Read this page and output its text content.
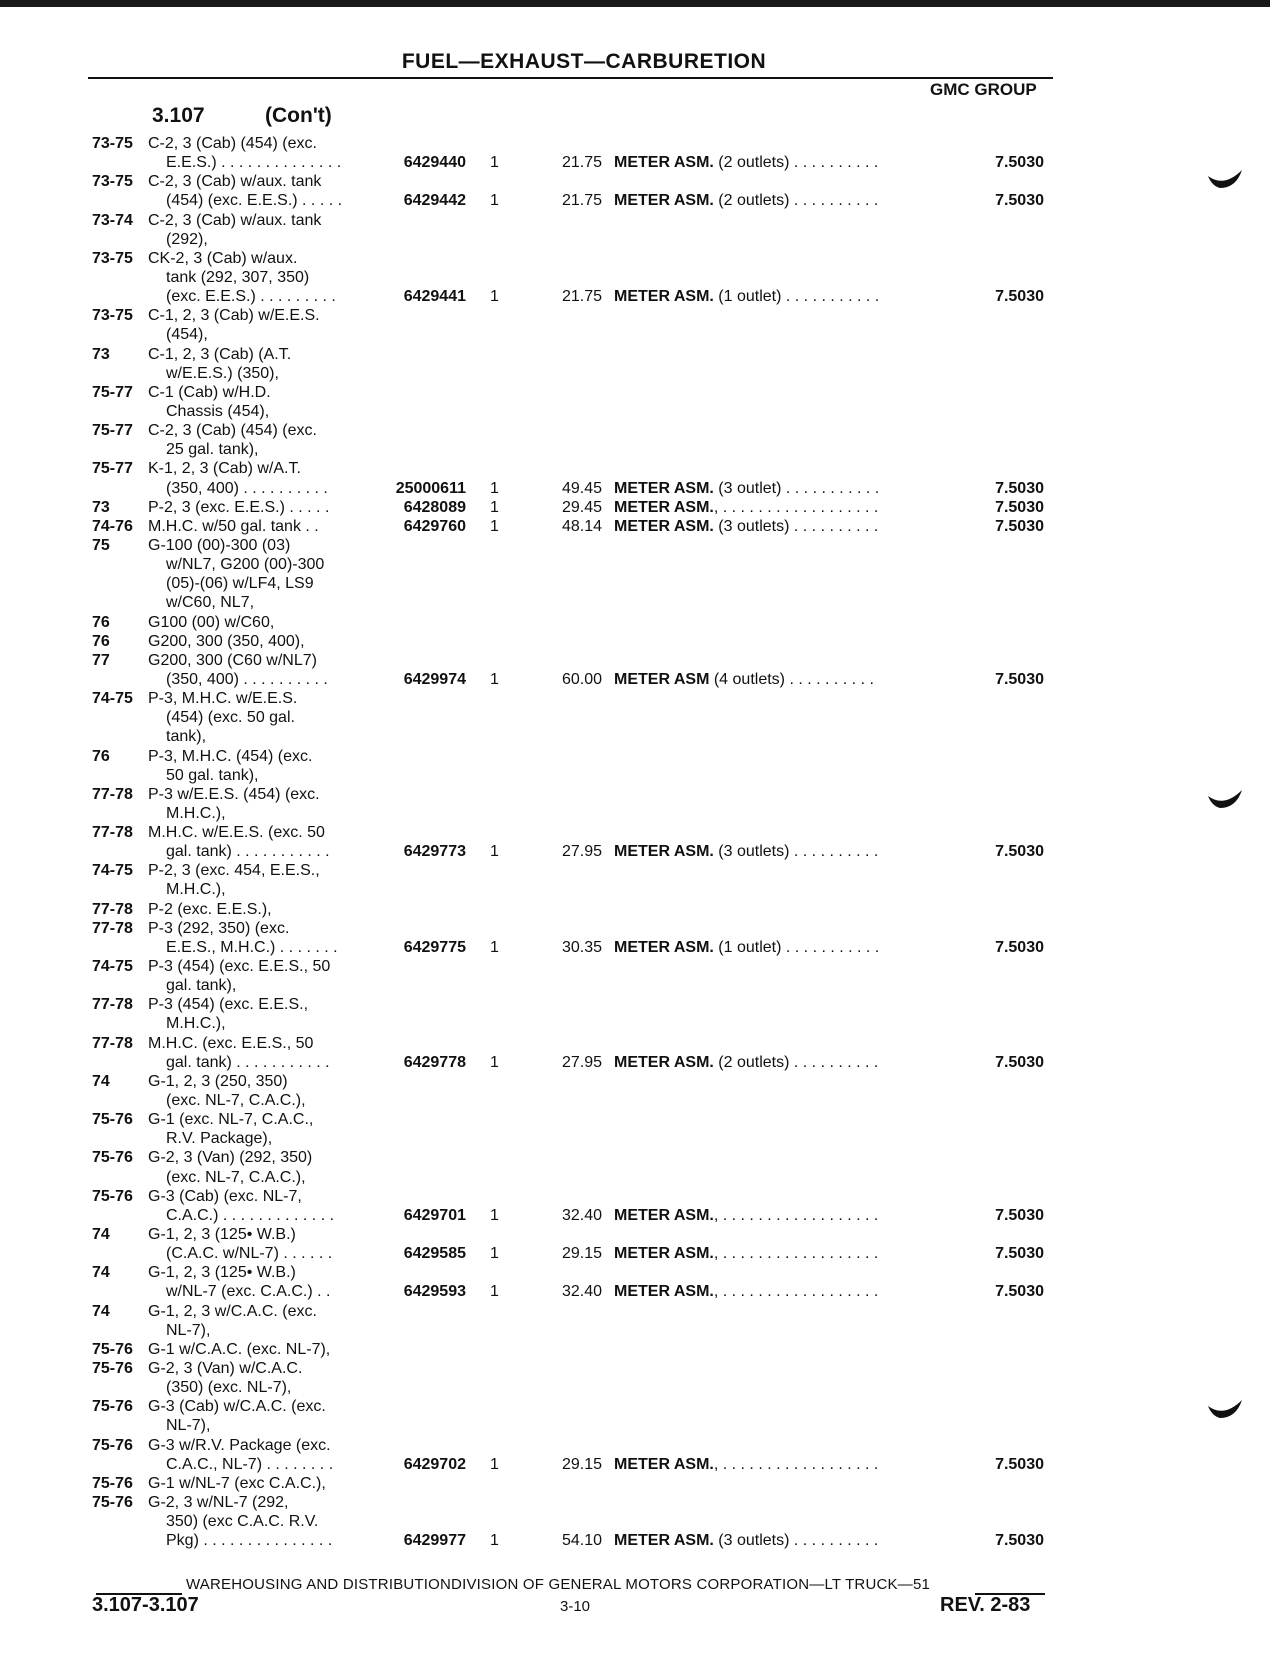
FUEL—EXHAUST—CARBURETION
GMC GROUP
3.107	(Con't)
73-75 C-2, 3 (Cab) (454) (exc.
E.E.S.) . . . . . . . . . . . . . .	6429440 1	21.75 METER ASM. (2 outlets) . . . . . . . . . .	7.5030
73-75 C-2, 3 (Cab) w/aux. tank
(454) (exc. E.E.S.) . . . . .	6429442 1	21.75 METER ASM. (2 outlets) . . . . . . . . . .	7.5030
73-74 C-2, 3 (Cab) w/aux. tank
(292),
73-75 CK-2, 3 (Cab) w/aux.
tank (292, 307, 350)
(exc. E.E.S.) . . . . . . . . .	6429441 1	21.75 METER ASM. (1 outlet) . . . . . . . . . . .	7.5030
73-75 C-1, 2, 3 (Cab) w/E.E.S.
(454),
73 C-1, 2, 3 (Cab) (A.T.
w/E.E.S.) (350),
75-77 C-1 (Cab) w/H.D.
Chassis (454),
75-77 C-2, 3 (Cab) (454) (exc.
25 gal. tank),
75-77 K-1, 2, 3 (Cab) w/A.T.
(350, 400) . . . . . . . . . .	25000611 1	49.45 METER ASM. (3 outlet) . . . . . . . . . . .	7.5030
73 P-2, 3 (exc. E.E.S.) . . . . .	6428089 1	29.45 METER ASM., . . . . . . . . . . . . . . . . . .	7.5030
74-76 M.H.C. w/50 gal. tank . .	6429760 1	48.14 METER ASM. (3 outlets) . . . . . . . . . .	7.5030
75 G-100 (00)-300 (03)
w/NL7, G200 (00)-300
(05)-(06) w/LF4, LS9
w/C60, NL7,
76 G100 (00) w/C60,
76 G200, 300 (350, 400),
77 G200, 300 (C60 w/NL7)
(350, 400) . . . . . . . . . .	6429974 1	60.00 METER ASM (4 outlets) . . . . . . . . . .	7.5030
74-75 P-3, M.H.C. w/E.E.S.
(454) (exc. 50 gal.
tank),
76 P-3, M.H.C. (454) (exc.
50 gal. tank),
77-78 P-3 w/E.E.S. (454) (exc.
M.H.C.),
77-78 M.H.C. w/E.E.S. (exc. 50
gal. tank) . . . . . . . . . . .	6429773 1	27.95 METER ASM. (3 outlets) . . . . . . . . . .	7.5030
74-75 P-2, 3 (exc. 454, E.E.S.,
M.H.C.),
77-78 P-2 (exc. E.E.S.),
77-78 P-3 (292, 350) (exc.
E.E.S., M.H.C.) . . . . . . .	6429775 1	30.35 METER ASM. (1 outlet) . . . . . . . . . . .	7.5030
74-75 P-3 (454) (exc. E.E.S., 50
gal. tank),
77-78 P-3 (454) (exc. E.E.S.,
M.H.C.),
77-78 M.H.C. (exc. E.E.S., 50
gal. tank) . . . . . . . . . . .	6429778 1	27.95 METER ASM. (2 outlets) . . . . . . . . . .	7.5030
74 G-1, 2, 3 (250, 350)
(exc. NL-7, C.A.C.),
75-76 G-1 (exc. NL-7, C.A.C.,
R.V. Package),
75-76 G-2, 3 (Van) (292, 350)
(exc. NL-7, C.A.C.),
75-76 G-3 (Cab) (exc. NL-7,
C.A.C.) . . . . . . . . . . . . .	6429701 1	32.40 METER ASM., . . . . . . . . . . . . . . . . . .	7.5030
74 G-1, 2, 3 (125• W.B.)
(C.A.C. w/NL-7) . . . . . .	6429585 1	29.15 METER ASM., . . . . . . . . . . . . . . . . . .	7.5030
74 G-1, 2, 3 (125• W.B.)
w/NL-7 (exc. C.A.C.) . .	6429593 1	32.40 METER ASM., . . . . . . . . . . . . . . . . . .	7.5030
74 G-1, 2, 3 w/C.A.C. (exc.
NL-7),
75-76 G-1 w/C.A.C. (exc. NL-7),
75-76 G-2, 3 (Van) w/C.A.C.
(350) (exc. NL-7),
75-76 G-3 (Cab) w/C.A.C. (exc.
NL-7),
75-76 G-3 w/R.V. Package (exc.
C.A.C., NL-7) . . . . . . . .	6429702 1	29.15 METER ASM., . . . . . . . . . . . . . . . . . .	7.5030
75-76 G-1 w/NL-7 (exc C.A.C.),
75-76 G-2, 3 w/NL-7 (292,
350) (exc C.A.C. R.V.
Pkg) . . . . . . . . . . . . . . .	6429977 1	54.10 METER ASM. (3 outlets) . . . . . . . . . .	7.5030
WAREHOUSING AND DISTRIBUTIONDIVISION OF GENERAL MOTORS CORPORATION—LT TRUCK—51
3.107-3.107	3-10	REV. 2-83
